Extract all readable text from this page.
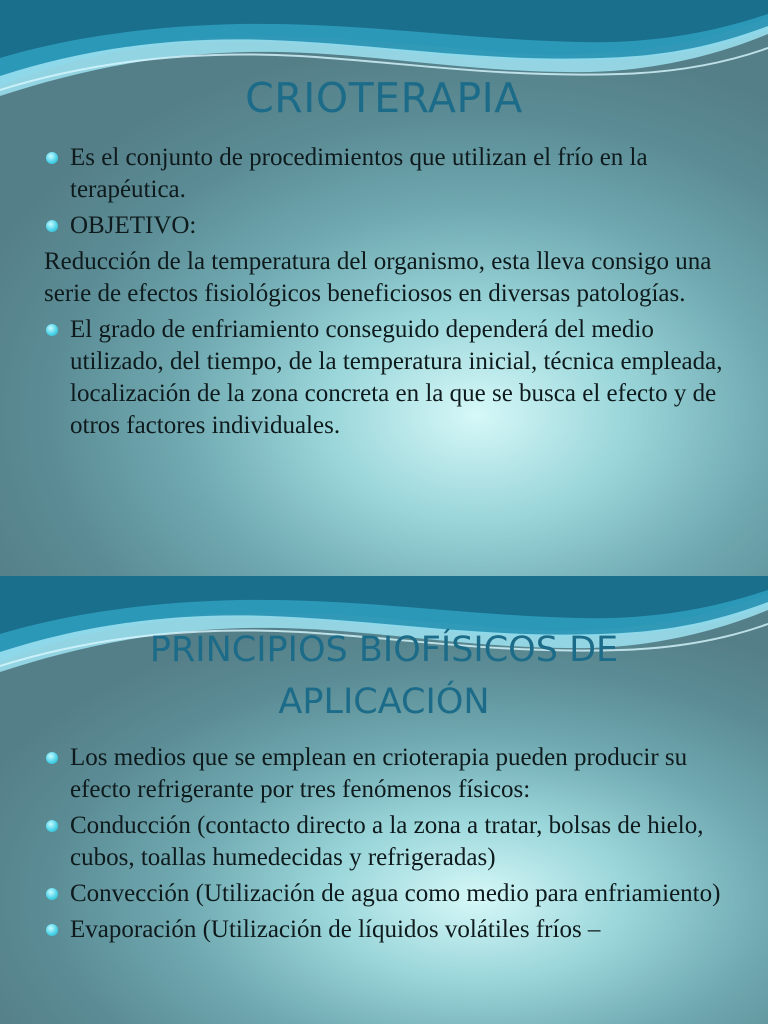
CRIOTERAPIA
Es el conjunto de procedimientos que utilizan el frío en la terapéutica.
OBJETIVO:

Reducción de la temperatura del organismo, esta lleva consigo una serie de efectos fisiológicos beneficiosos en diversas patologías.

El grado de enfriamiento conseguido dependerá del medio utilizado, del tiempo, de la temperatura inicial, técnica empleada, localización de la zona concreta en la que se busca el efecto y de otros factores individuales.
PRINCIPIOS BIOFÍSICOS DE
APLICACIÓN
Los medios que se emplean en crioterapia pueden producir su efecto refrigerante por tres fenómenos físicos:
Conducción (contacto directo a la zona a tratar, bolsas de hielo, cubos, toallas humedecidas y refrigeradas)
Convección (Utilización de agua como medio para enfriamiento)
Evaporación (Utilización de líquidos volátiles fríos –
